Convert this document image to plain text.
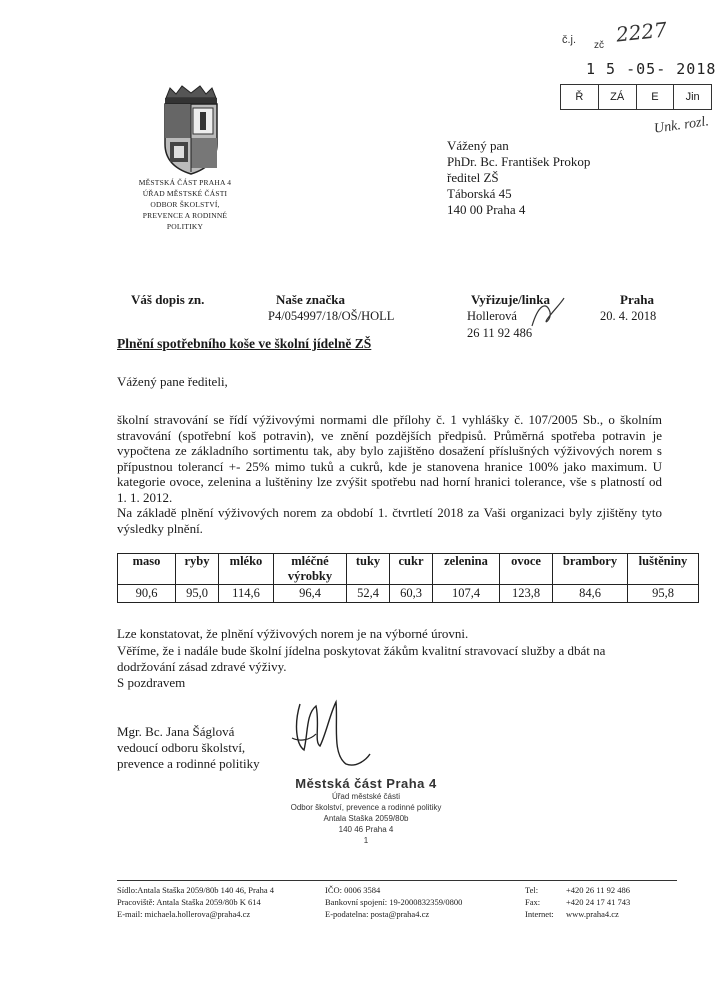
č.j. zč 2227
1 5 -05- 2018
Ř	ZÁ	E	Jin
Unk. rozl.
MĚSTSKÁ ČÁST PRAHA 4
ÚŘAD MĚSTSKÉ ČÁSTI
ODBOR ŠKOLSTVÍ,
PREVENCE A RODINNÉ
POLITIKY
Vážený pan
PhDr. Bc. František Prokop
ředitel ZŠ
Táborská 45
140 00 Praha 4
Váš dopis zn.	Naše značka
P4/054997/18/OŠ/HOLL
Vyřizuje/linka
Hollerová
26 11 92 486
Praha
20. 4. 2018
Plnění spotřebního koše ve školní jídelně ZŠ
Vážený pane řediteli,
školní stravování se řídí výživovými normami dle přílohy č. 1 vyhlášky č. 107/2005 Sb., o školním stravování (spotřební koš potravin), ve znění pozdějších předpisů. Průměrná spotřeba potravin je vypočtena ze základního sortimentu tak, aby bylo zajištěno dosažení příslušných výživových norem s přípustnou tolerancí +- 25% mimo tuků a cukrů, kde je stanovena hranice 100% jako maximum. U kategorie ovoce, zelenina a luštěniny lze zvýšit spotřebu nad horní hranici tolerance, vše s platností od 1. 1. 2012.
Na základě plnění výživových norem za období 1. čtvrtletí 2018 za Vaši organizaci byly zjištěny tyto výsledky plnění.
maso	ryby	mléko	mléčné výrobky	tuky	cukr	zelenina	ovoce	brambory	luštěniny
90,6	95,0	114,6	96,4	52,4	60,3	107,4	123,8	84,6	95,8
Lze konstatovat, že plnění výživových norem je na výborné úrovni.
Věříme, že i nadále bude školní jídelna poskytovat žákům kvalitní stravovací služby a dbát na dodržování zásad zdravé výživy.
S pozdravem
Mgr. Bc. Jana Šáglová
vedoucí odboru školství,
prevence a rodinné politiky
Městská část Praha 4
Úřad městské části
Odbor školství, prevence a rodinné politiky
Antala Staška 2059/80b
140 46 Praha 4
1
Sídlo:Antala Staška 2059/80b 140 46, Praha 4
Pracoviště: Antala Staška 2059/80b K 614
E-mail: michaela.hollerova@praha4.cz
IČO: 0006 3584
Bankovní spojení: 19-2000832359/0800
E-podatelna: posta@praha4.cz
Tel:
Fax:
Internet:
+420 26 11 92 486
+420 24 17 41 743
www.praha4.cz
